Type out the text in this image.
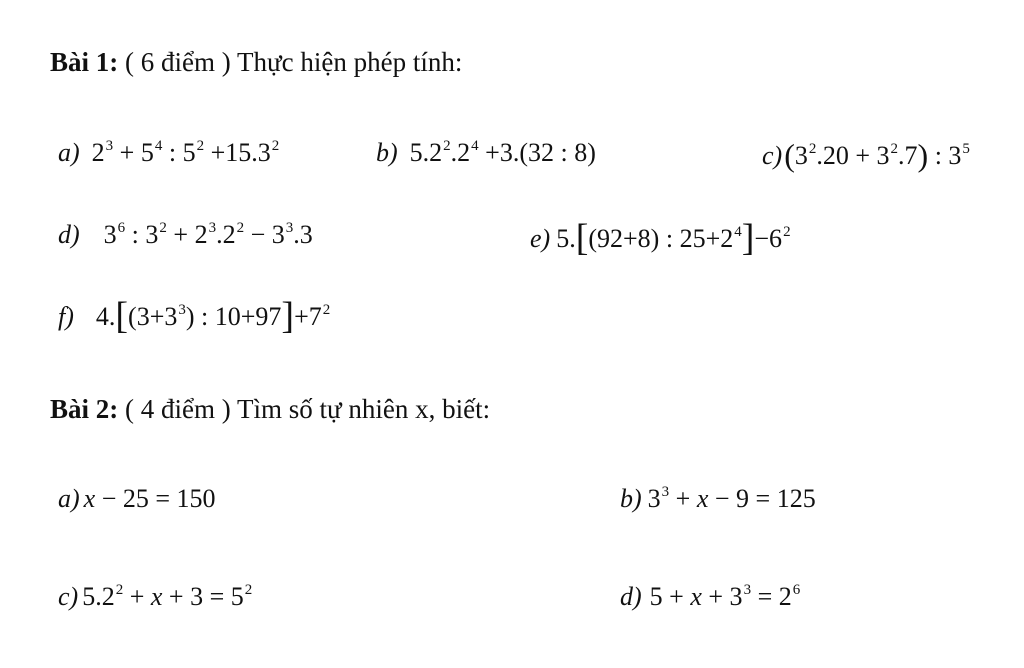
Bài 1: ( 6 điểm ) Thực hiện phép tính:
a) $2^3 + 5^4$ : $5^2 +15.3^2$	b) $5.2^2.2^4 +3.(32$ : 8)	$c)(3^2.20 + 3^2.7)$ : $3^5$
d) $3^6$ : $3^2 + 2^3.2^2 - 3^3.3$	e) 5.[(92+8) : $25+2^4]-6^2$
f) $4.[(3+3^3)$ : $10+97]+7^2$
Bài 2: ( 4 điểm ) Tìm số tự nhiên x, biết:
a) x − 25 = 150	b) $3^3 + x - 9 = 125$
c) $5.2^2 + x + 3 = 5^2$	d) $5 + x + 3^3 = 2^6$
